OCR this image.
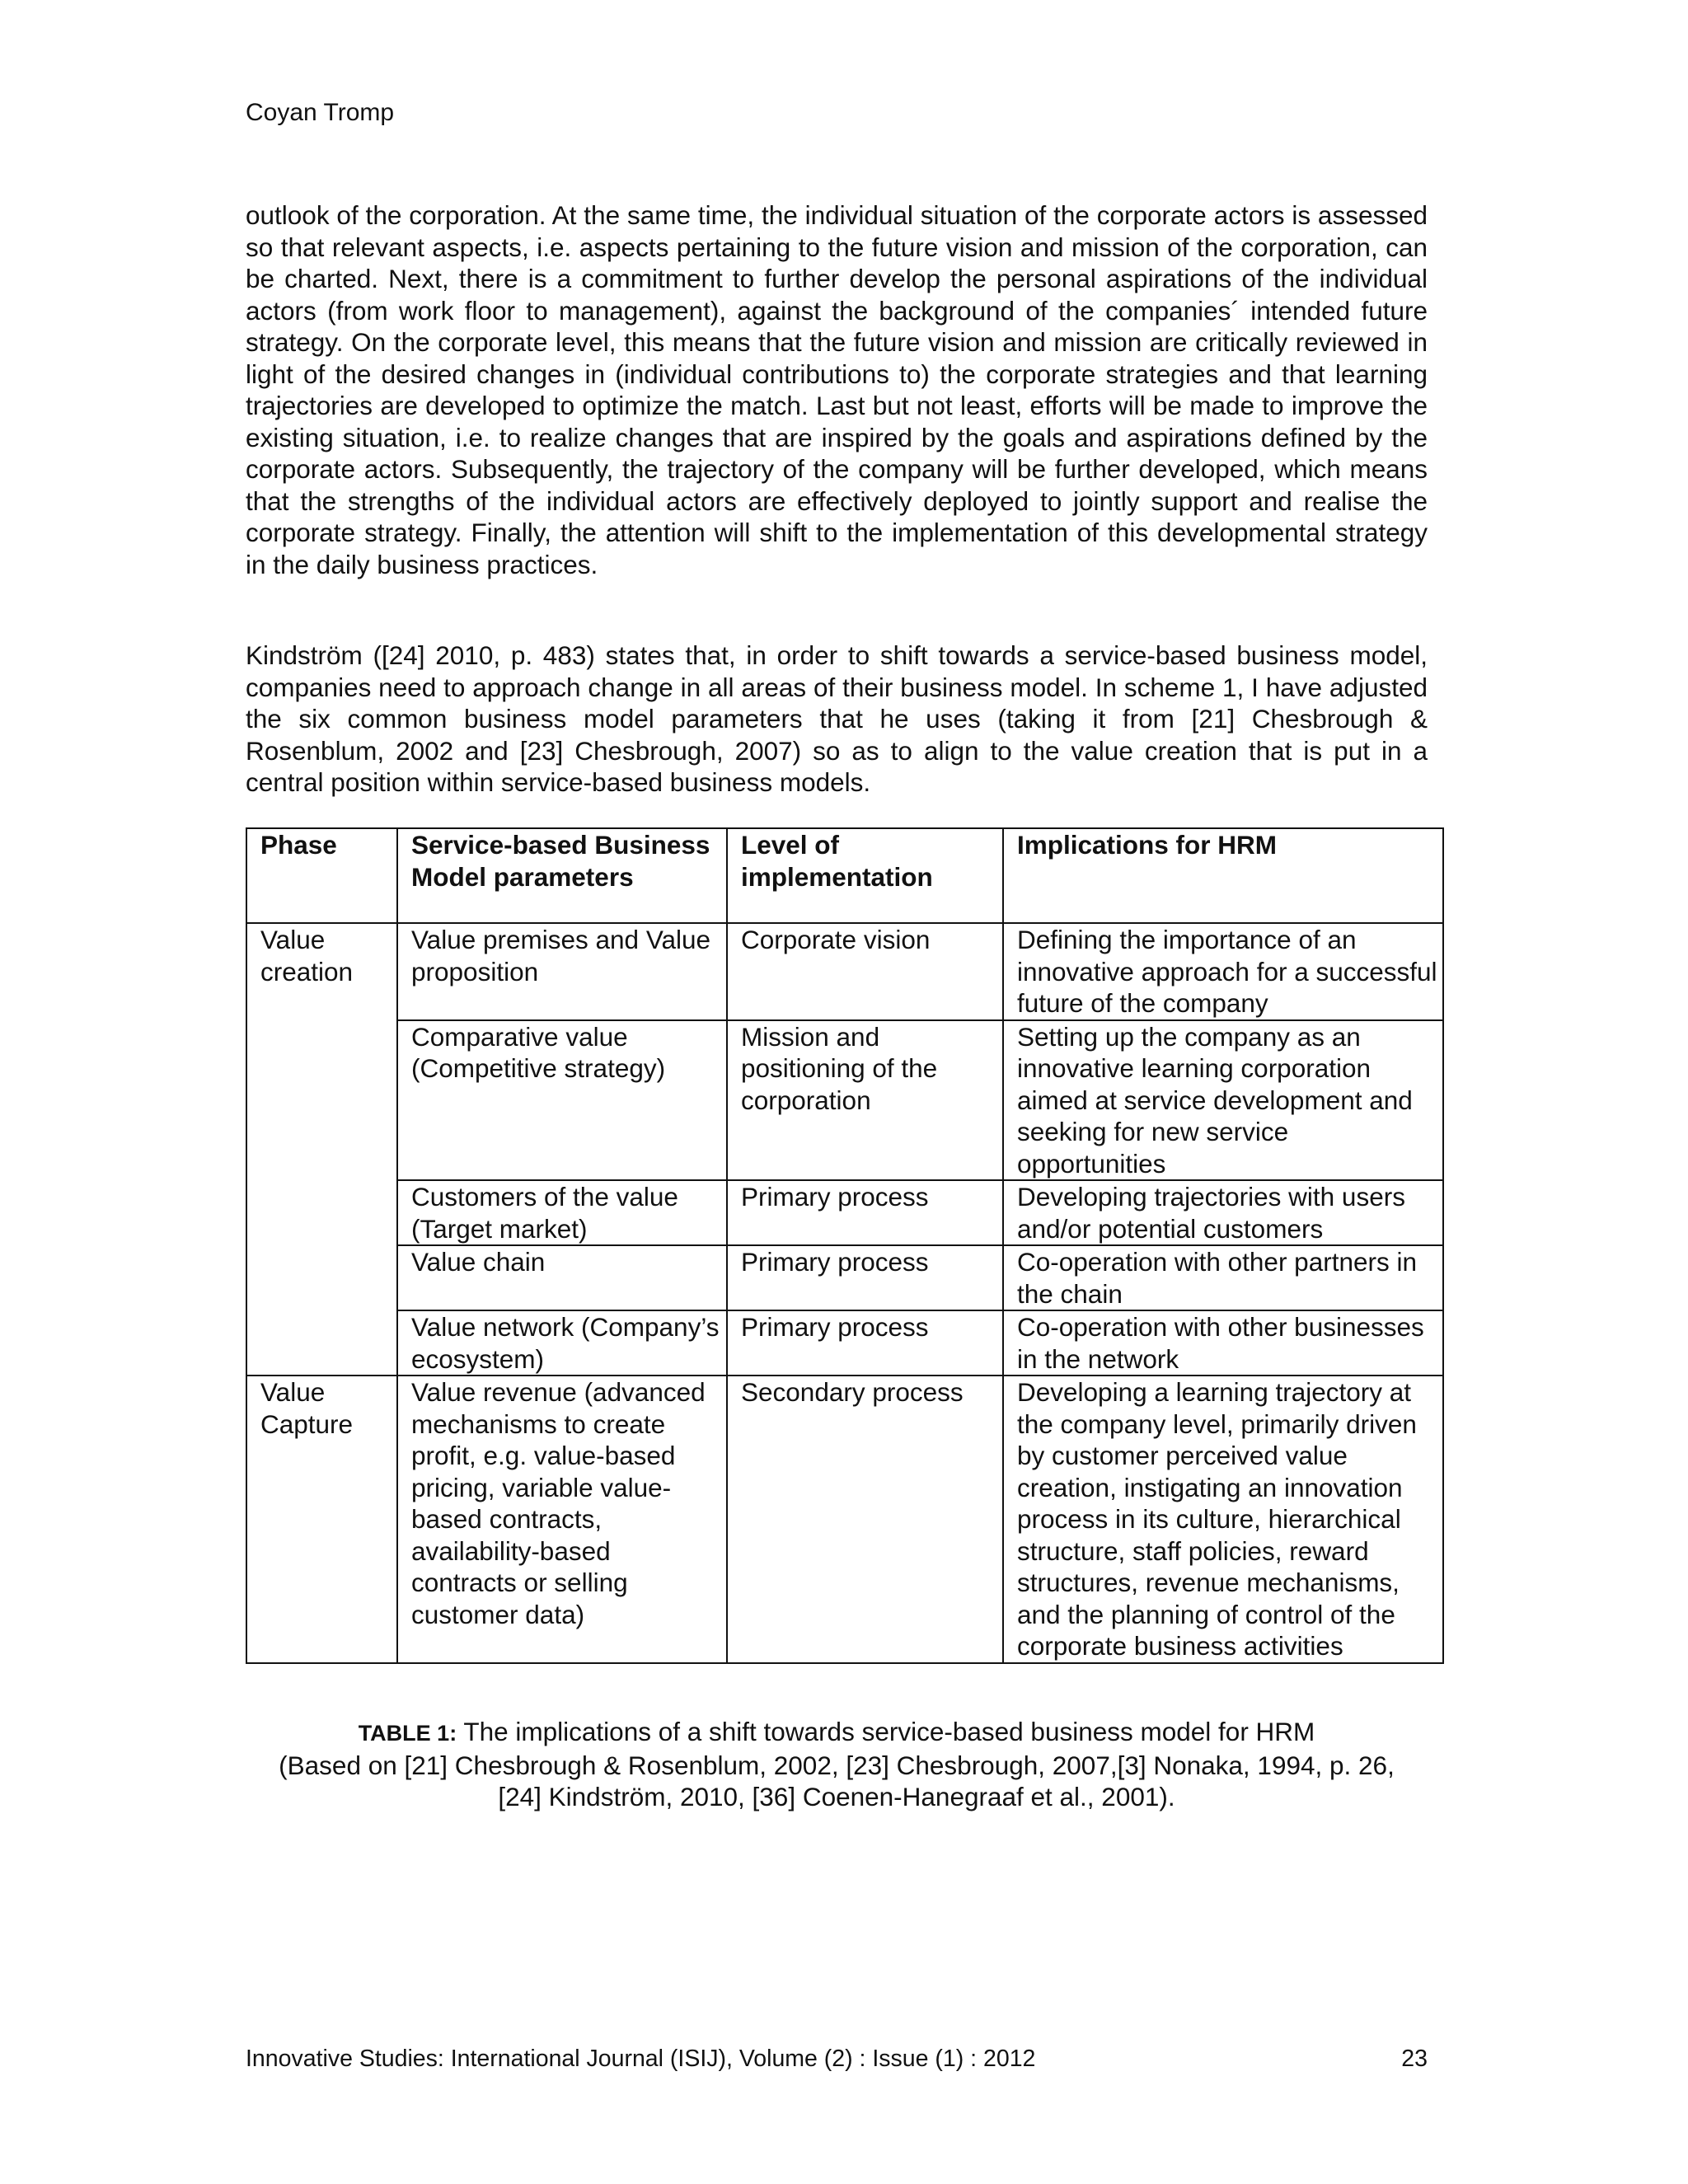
Coyan Tromp

outlook of the corporation. At the same time, the individual situation of the corporate actors is assessed so that relevant aspects, i.e. aspects pertaining to the future vision and mission of the corporation, can be charted. Next, there is a commitment to further develop the personal aspirations of the individual actors (from work floor to management), against the background of the companies´ intended future strategy. On the corporate level, this means that the future vision and mission are critically reviewed in light of the desired changes in (individual contributions to) the corporate strategies and that learning trajectories are developed to optimize the match. Last but not least, efforts will be made to improve the existing situation, i.e. to realize changes that are inspired by the goals and aspirations defined by the corporate actors. Subsequently, the trajectory of the company will be further developed, which means that the strengths of the individual actors are effectively deployed to jointly support and realise the corporate strategy. Finally, the attention will shift to the implementation of this developmental strategy in the daily business practices.

Kindström ([24] 2010, p. 483) states that, in order to shift towards a service-based business model, companies need to approach change in all areas of their business model. In scheme 1, I have adjusted the six common business model parameters that he uses (taking it from [21] Chesbrough & Rosenblum, 2002 and [23] Chesbrough, 2007) so as to align to the value creation that is put in a central position within service-based business models.

Phase	Service-based Business Model parameters	Level of implementation	Implications for HRM
Value creation	Value premises and Value proposition	Corporate vision	Defining the importance of an innovative approach for a successful future of the company
	Comparative value (Competitive strategy)	Mission and positioning of the corporation	Setting up the company as an innovative learning corporation aimed at service development and seeking for new service opportunities
	Customers of the value (Target market)	Primary process	Developing trajectories with users and/or potential customers
	Value chain	Primary process	Co-operation with other partners in the chain
	Value network (Company’s ecosystem)	Primary process	Co-operation with other businesses in the network
Value Capture	Value revenue (advanced mechanisms to create profit, e.g. value-based pricing, variable value-based contracts, availability-based contracts or selling customer data)	Secondary process	Developing a learning trajectory at the company level, primarily driven by customer perceived value creation, instigating an innovation process in its culture, hierarchical structure, staff policies, reward structures, revenue mechanisms, and the planning of control of the corporate business activities

TABLE 1: The implications of a shift towards service-based business model for HRM

(Based on [21] Chesbrough & Rosenblum, 2002, [23] Chesbrough, 2007,[3] Nonaka, 1994, p. 26,

[24] Kindström, 2010, [36] Coenen-Hanegraaf et al., 2001).

Innovative Studies: International Journal (ISIJ), Volume (2) : Issue (1) : 2012	23
